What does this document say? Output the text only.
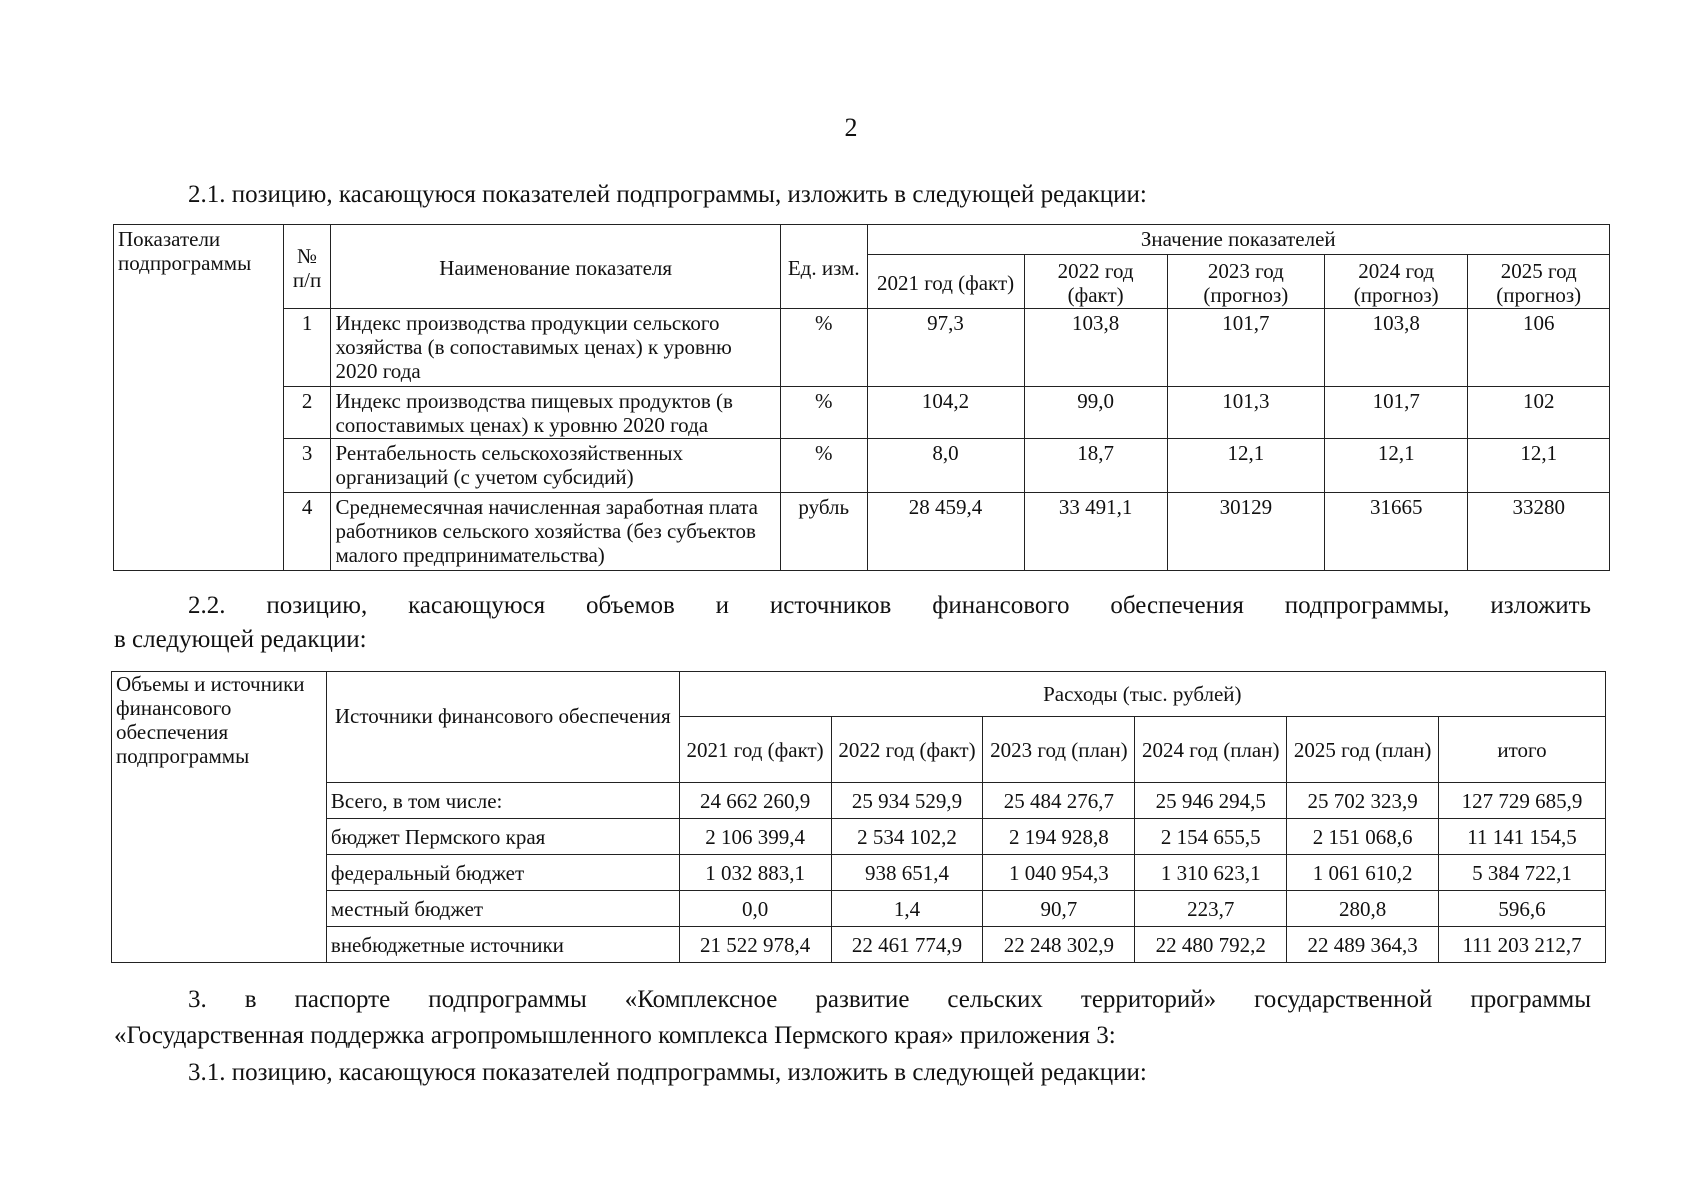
2

2.1. позицию, касающуюся показателей подпрограммы, изложить в следующей редакции:

Показатели подпрограммы	№ п/п	Наименование показателя	Ед. изм.	Значение показателей				
				2021 год (факт)	2022 год (факт)	2023 год (прогноз)	2024 год (прогноз)	2025 год (прогноз)
	1	Индекс производства продукции сельского хозяйства (в сопоставимых ценах) к уровню 2020 года	%	97,3	103,8	101,7	103,8	106
	2	Индекс производства пищевых продуктов (в сопоставимых ценах) к уровню 2020 года	%	104,2	99,0	101,3	101,7	102
	3	Рентабельность сельскохозяйственных организаций (с учетом субсидий)	%	8,0	18,7	12,1	12,1	12,1
	4	Среднемесячная начисленная заработная плата работников сельского хозяйства (без субъектов малого предпринимательства)	рубль	28 459,4	33 491,1	30129	31665	33280

2.2. позицию, касающуюся объемов и источников финансового обеспечения подпрограммы, изложить

в следующей редакции:

Объемы и источники финансового обеспечения подпрограммы	Источники финансового обеспечения	Расходы (тыс. рублей)					
		2021 год (факт)	2022 год (факт)	2023 год (план)	2024 год (план)	2025 год (план)	итого
	Всего, в том числе:	24 662 260,9	25 934 529,9	25 484 276,7	25 946 294,5	25 702 323,9	127 729 685,9
	бюджет Пермского края	2 106 399,4	2 534 102,2	2 194 928,8	2 154 655,5	2 151 068,6	11 141 154,5
	федеральный бюджет	1 032 883,1	938 651,4	1 040 954,3	1 310 623,1	1 061 610,2	5 384 722,1
	местный бюджет	0,0	1,4	90,7	223,7	280,8	596,6
	внебюджетные источники	21 522 978,4	22 461 774,9	22 248 302,9	22 480 792,2	22 489 364,3	111 203 212,7

3. в паспорте подпрограммы «Комплексное развитие сельских территорий» государственной программы

«Государственная поддержка агропромышленного комплекса Пермского края» приложения 3:

3.1. позицию, касающуюся показателей подпрограммы, изложить в следующей редакции:
